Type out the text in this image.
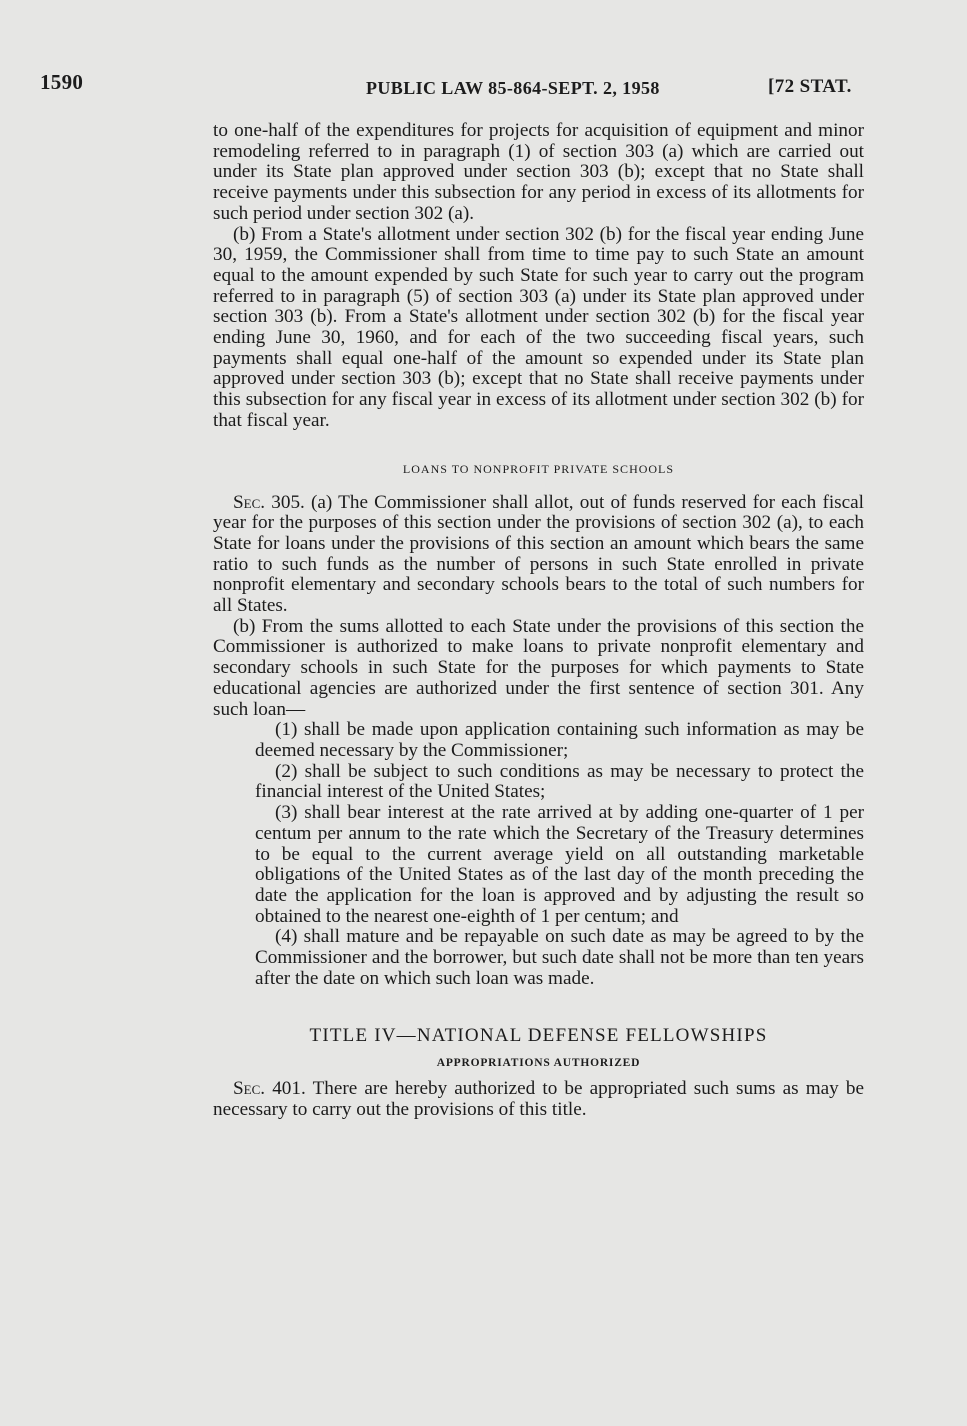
1590	PUBLIC LAW 85-864-SEPT. 2, 1958	[72 STAT.

to one-half of the expenditures for projects for acquisition of equipment and minor remodeling referred to in paragraph (1) of section 303 (a) which are carried out under its State plan approved under section 303 (b); except that no State shall receive payments under this subsection for any period in excess of its allotments for such period under section 302 (a).

(b) From a State's allotment under section 302 (b) for the fiscal year ending June 30, 1959, the Commissioner shall from time to time pay to such State an amount equal to the amount expended by such State for such year to carry out the program referred to in paragraph (5) of section 303 (a) under its State plan approved under section 303 (b). From a State's allotment under section 302 (b) for the fiscal year ending June 30, 1960, and for each of the two succeeding fiscal years, such payments shall equal one-half of the amount so expended under its State plan approved under section 303 (b); except that no State shall receive payments under this subsection for any fiscal year in excess of its allotment under section 302 (b) for that fiscal year.

LOANS TO NONPROFIT PRIVATE SCHOOLS

Sec. 305. (a) The Commissioner shall allot, out of funds reserved for each fiscal year for the purposes of this section under the provisions of section 302 (a), to each State for loans under the provisions of this section an amount which bears the same ratio to such funds as the number of persons in such State enrolled in private nonprofit elementary and secondary schools bears to the total of such numbers for all States.

(b) From the sums allotted to each State under the provisions of this section the Commissioner is authorized to make loans to private nonprofit elementary and secondary schools in such State for the purposes for which payments to State educational agencies are authorized under the first sentence of section 301. Any such loan—

(1) shall be made upon application containing such information as may be deemed necessary by the Commissioner;

(2) shall be subject to such conditions as may be necessary to protect the financial interest of the United States;

(3) shall bear interest at the rate arrived at by adding one-quarter of 1 per centum per annum to the rate which the Secretary of the Treasury determines to be equal to the current average yield on all outstanding marketable obligations of the United States as of the last day of the month preceding the date the application for the loan is approved and by adjusting the result so obtained to the nearest one-eighth of 1 per centum; and

(4) shall mature and be repayable on such date as may be agreed to by the Commissioner and the borrower, but such date shall not be more than ten years after the date on which such loan was made.

TITLE IV—NATIONAL DEFENSE FELLOWSHIPS
APPROPRIATIONS AUTHORIZED

Sec. 401. There are hereby authorized to be appropriated such sums as may be necessary to carry out the provisions of this title.
